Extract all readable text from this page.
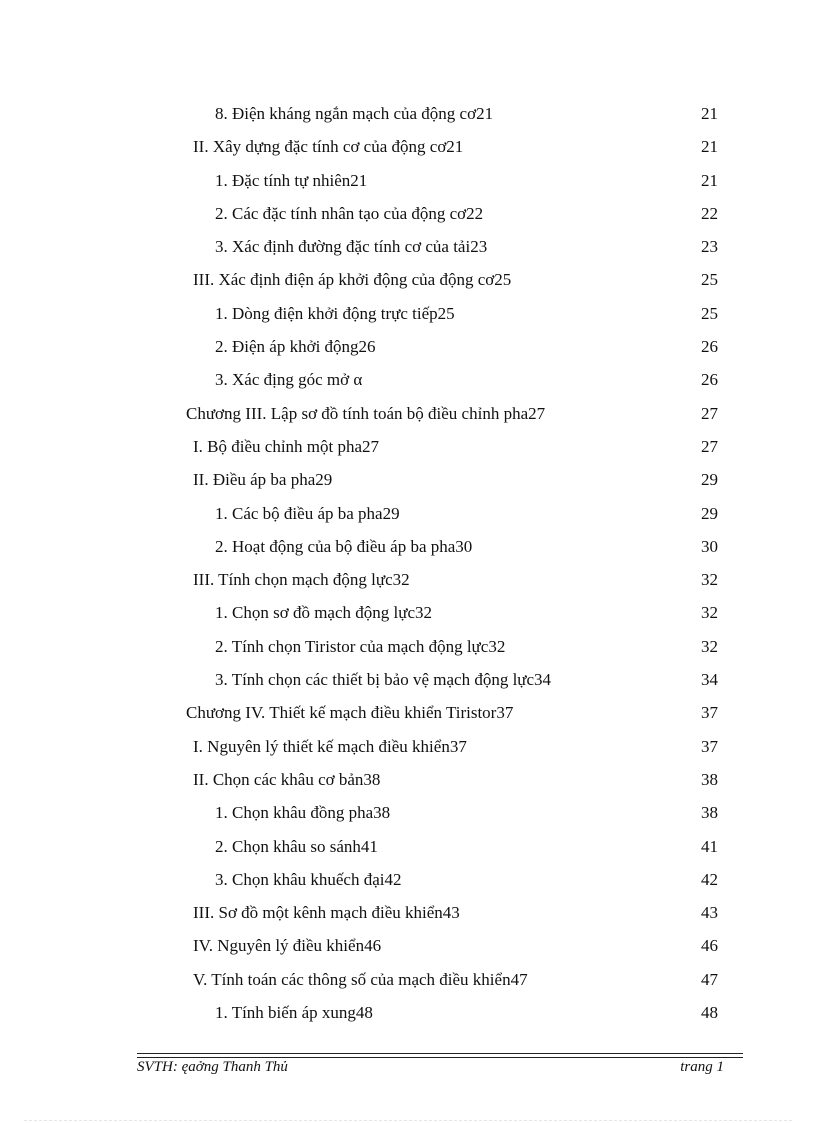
8. Điện kháng ngắn mạch của động cơ21	21
II. Xây dựng đặc tính cơ của động cơ21	21
1. Đặc tính tự nhiên21	21
2. Các đặc tính nhân tạo của động cơ22	22
3. Xác định đường đặc tính cơ của tải23	23
III. Xác định điện áp khởi động của động cơ25	25
1. Dòng điện khởi động trực tiếp25	25
2. Điện áp khởi động26	26
3. Xác địng góc mở α	26
Chương III. Lập sơ đồ tính toán bộ điều chỉnh pha27	27
I. Bộ điều chỉnh một pha27	27
II. Điều áp ba pha29	29
1. Các bộ điều áp ba pha29	29
2. Hoạt động của bộ điều áp ba pha30	30
III. Tính chọn mạch động lực32	32
1. Chọn sơ đồ mạch động lực32	32
2. Tính chọn Tiristor của mạch động lực32	32
3. Tính chọn các thiết bị bảo vệ mạch động lực34	34
Chương IV. Thiết kế mạch điều khiển Tiristor37	37
I. Nguyên lý thiết kế mạch điều khiển37	37
II. Chọn các khâu cơ bản38	38
1. Chọn khâu đồng pha38	38
2. Chọn khâu so sánh41	41
3. Chọn khâu khuếch đại42	42
III. Sơ đồ một kênh mạch điều khiển43	43
IV. Nguyên lý điều khiển46	46
V. Tính toán các thông số của mạch điều khiển47	47
1. Tính biến áp xung48	48
SVTH: ęaởng Thanh Thủ	trang 1
